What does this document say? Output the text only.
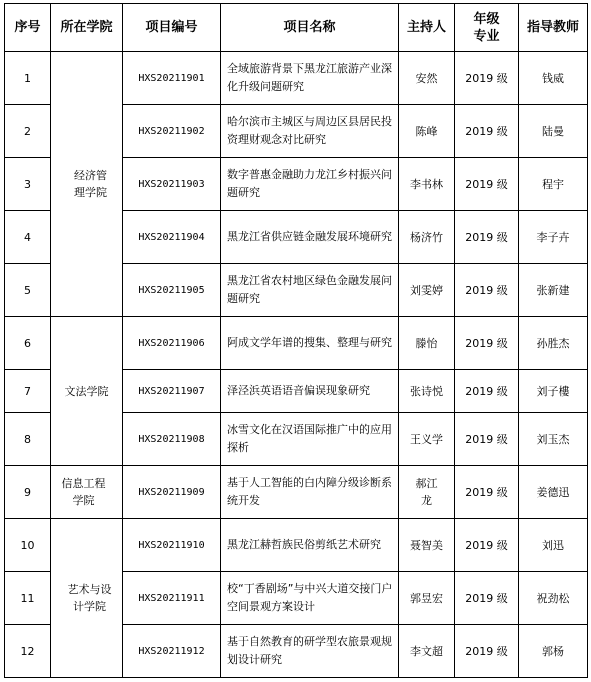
序号	所在学院	项目编号	项目名称	主持人	年级专业	指导教师
1	经济管理学院	HXS20211901	全域旅游背景下黑龙江旅游产业深化升级问题研究	安然	2019 级	钱威
2		HXS20211902	哈尔滨市主城区与周边区县居民投资理财观念对比研究	陈峰	2019 级	陆曼
3		HXS20211903	数字普惠金融助力龙江乡村振兴问题研究	李书林	2019 级	程宇
4		HXS20211904	黑龙江省供应链金融发展环境研究	杨济竹	2019 级	李子卉
5		HXS20211905	黑龙江省农村地区绿色金融发展问题研究	刘雯婷	2019 级	张新建
6	文法学院	HXS20211906	阿成文学年谱的搜集、整理与研究	滕怡	2019 级	孙胜杰
7		HXS20211907	泽泾浜英语语音偏误现象研究	张诗悦	2019 级	刘子樓
8		HXS20211908	冰雪文化在汉语国际推广中的应用探析	王义学	2019 级	刘玉杰
9	信息工程学院	HXS20211909	基于人工智能的白内障分级诊断系统开发	郝江龙	2019 级	姜德迅
10	艺术与设计学院	HXS20211910	黑龙江赫哲族民俗剪纸艺术研究	聂智美	2019 级	刘迅
11		HXS20211911	校“丁香剧场”与中兴大道交接门户空间景观方案设计	郭昱宏	2019 级	祝劲松
12		HXS20211912	基于自然教育的研学型农旅景观规划设计研究	李文超	2019 级	郭杨
